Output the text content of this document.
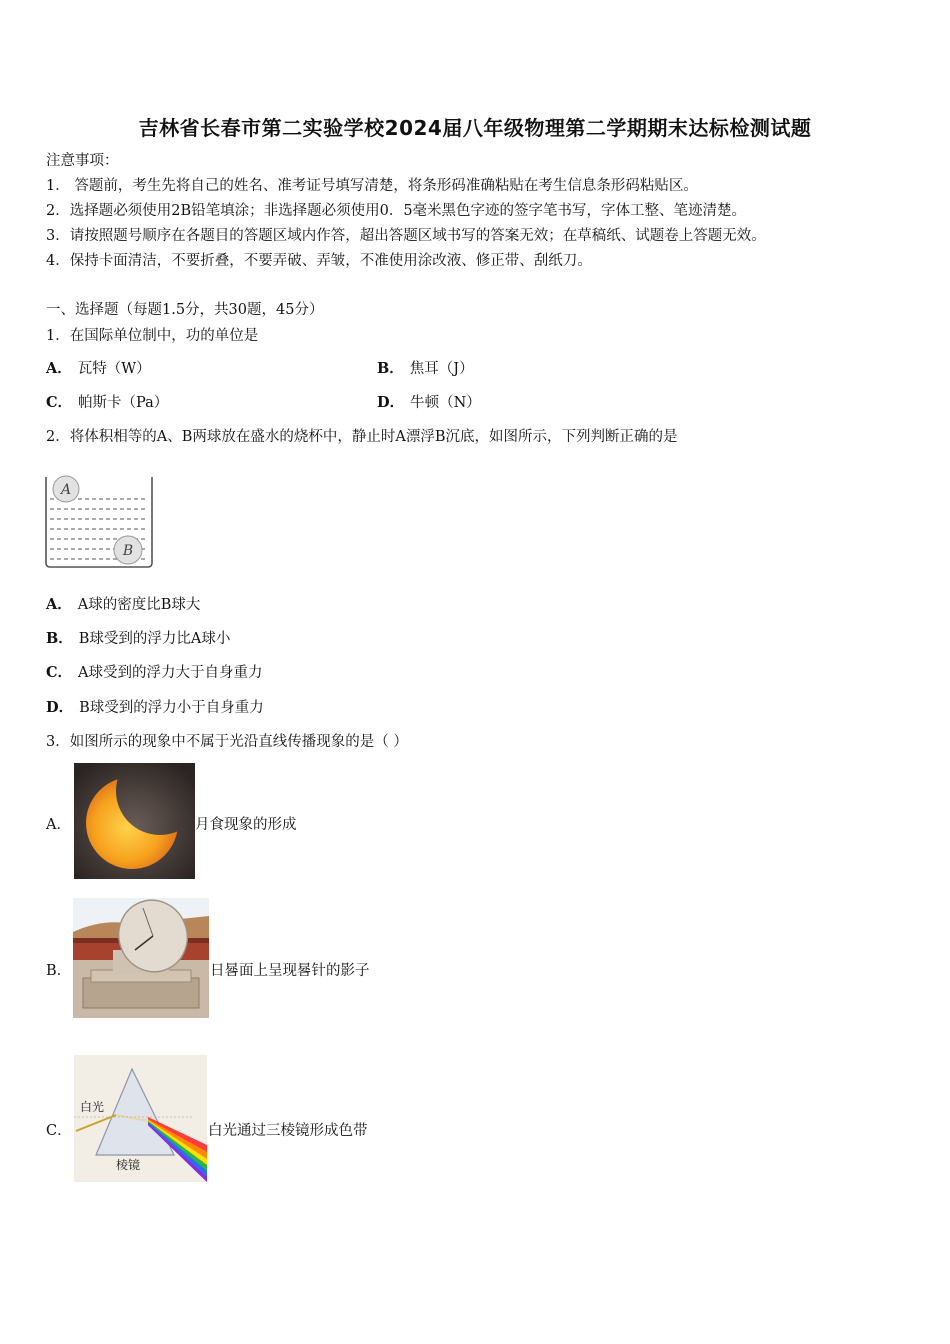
吉林省长春市第二实验学校2024届八年级物理第二学期期末达标检测试题
注意事项：
1． 答题前，考生先将自己的姓名、准考证号填写清楚，将条形码准确粘贴在考生信息条形码粘贴区。
2．选择题必须使用2B铅笔填涂；非选择题必须使用0．5毫米黑色字迹的签字笔书写，字体工整、笔迹清楚。
3．请按照题号顺序在各题目的答题区域内作答，超出答题区域书写的答案无效；在草稿纸、试题卷上答题无效。
4．保持卡面清洁，不要折叠，不要弄破、弄皱，不准使用涂改液、修正带、刮纸刀。
一、选择题（每题1.5分，共30题，45分）
1．在国际单位制中，功的单位是
A． 瓦特（W）	B． 焦耳（J）
C． 帕斯卡（Pa）	D． 牛顿（N）
2．将体积相等的A、B两球放在盛水的烧杯中，静止时A漂浮B沉底，如图所示，下列判断正确的是
A
B
A． A球的密度比B球大
B． B球受到的浮力比A球小
C． A球受到的浮力大于自身重力
D． B球受到的浮力小于自身重力
3．如图所示的现象中不属于光沿直线传播现象的是（ ）
A．	月食现象的形成
B．	日晷面上呈现晷针的影子
C．
白光
棱镜
白光通过三棱镜形成色带
